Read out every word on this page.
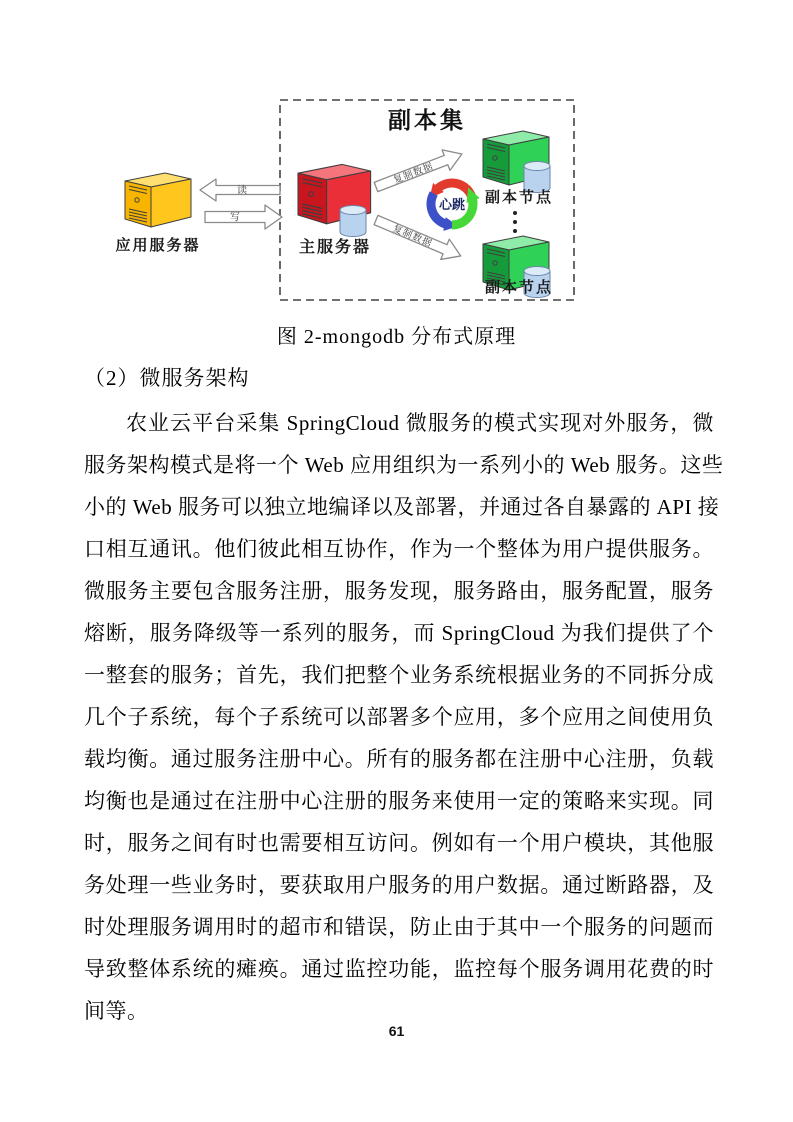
副本集
应用服务器
读
写
主服务器
复制数据
复制数据
心跳 副本节点
副本节点
图 2-mongodb 分布式原理
（2）微服务架构
农业云平台采集 SpringCloud 微服务的模式实现对外服务，微
服务架构模式是将一个 Web 应用组织为一系列小的 Web 服务。这些
小的 Web 服务可以独立地编译以及部署，并通过各自暴露的 API 接
口相互通讯。他们彼此相互协作，作为一个整体为用户提供服务。
微服务主要包含服务注册，服务发现，服务路由，服务配置，服务
熔断，服务降级等一系列的服务，而 SpringCloud 为我们提供了个
一整套的服务；首先，我们把整个业务系统根据业务的不同拆分成
几个子系统，每个子系统可以部署多个应用，多个应用之间使用负
载均衡。通过服务注册中心。所有的服务都在注册中心注册，负载
均衡也是通过在注册中心注册的服务来使用一定的策略来实现。同
时，服务之间有时也需要相互访问。例如有一个用户模块，其他服
务处理一些业务时，要获取用户服务的用户数据。通过断路器，及
时处理服务调用时的超市和错误，防止由于其中一个服务的问题而
导致整体系统的瘫痪。通过监控功能，监控每个服务调用花费的时
间等。
61
